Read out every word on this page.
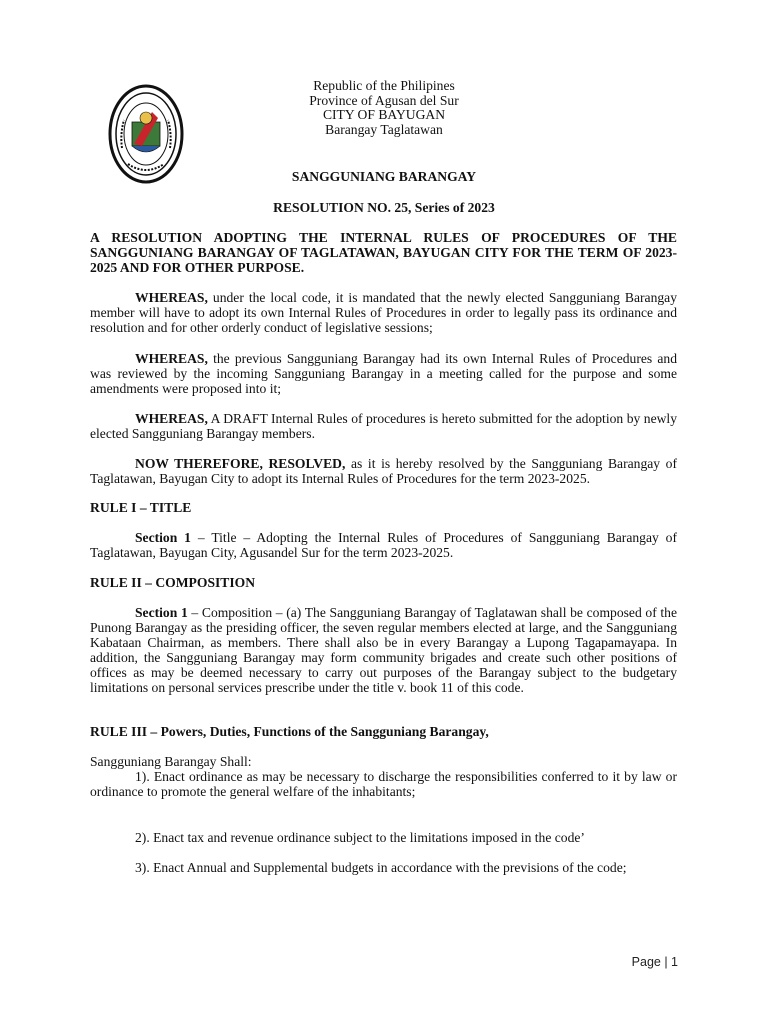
Republic of the Philipines
Province of Agusan del Sur
CITY OF BAYUGAN
Barangay Taglatawan
SANGGUNIANG BARANGAY
RESOLUTION NO. 25, Series of 2023

A RESOLUTION ADOPTING THE INTERNAL RULES OF PROCEDURES OF THE SANGGUNIANG BARANGAY OF TAGLATAWAN, BAYUGAN CITY FOR THE TERM OF 2023-2025 AND FOR OTHER PURPOSE.

WHEREAS, under the local code, it is mandated that the newly elected Sangguniang Barangay member will have to adopt its own Internal Rules of Procedures in order to legally pass its ordinance and resolution and for other orderly conduct of legislative sessions;

WHEREAS, the previous Sangguniang Barangay had its own Internal Rules of Procedures and was reviewed by the incoming Sangguniang Barangay in a meeting called for the purpose and some amendments were proposed into it;

WHEREAS, A DRAFT Internal Rules of procedures is hereto submitted for the adoption by newly elected Sangguniang Barangay members.

NOW THEREFORE, RESOLVED, as it is hereby resolved by the Sangguniang Barangay of Taglatawan, Bayugan City to adopt its Internal Rules of Procedures for the term 2023-2025.

RULE I – TITLE

Section 1 – Title – Adopting the Internal Rules of Procedures of Sangguniang Barangay of Taglatawan, Bayugan City, Agusandel Sur for the term 2023-2025.

RULE II – COMPOSITION

Section 1 – Composition – (a) The Sangguniang Barangay of Taglatawan shall be composed of the Punong Barangay as the presiding officer, the seven regular members elected at large, and the Sangguniang Kabataan Chairman, as members. There shall also be in every Barangay a Lupong Tagapamayapa. In addition, the Sangguniang Barangay may form community brigades and create such other positions of offices as may be deemed necessary to carry out purposes of the Barangay subject to the budgetary limitations on personal services prescribe under the title v. book 11 of this code.

RULE III – Powers, Duties, Functions of the Sangguniang Barangay,

Sangguniang Barangay Shall:

1). Enact ordinance as may be necessary to discharge the responsibilities conferred to it by law or ordinance to promote the general welfare of the inhabitants;

2). Enact tax and revenue ordinance subject to the limitations imposed in the code’

3). Enact Annual and Supplemental budgets in accordance with the previsions of the code;

Page | 1
